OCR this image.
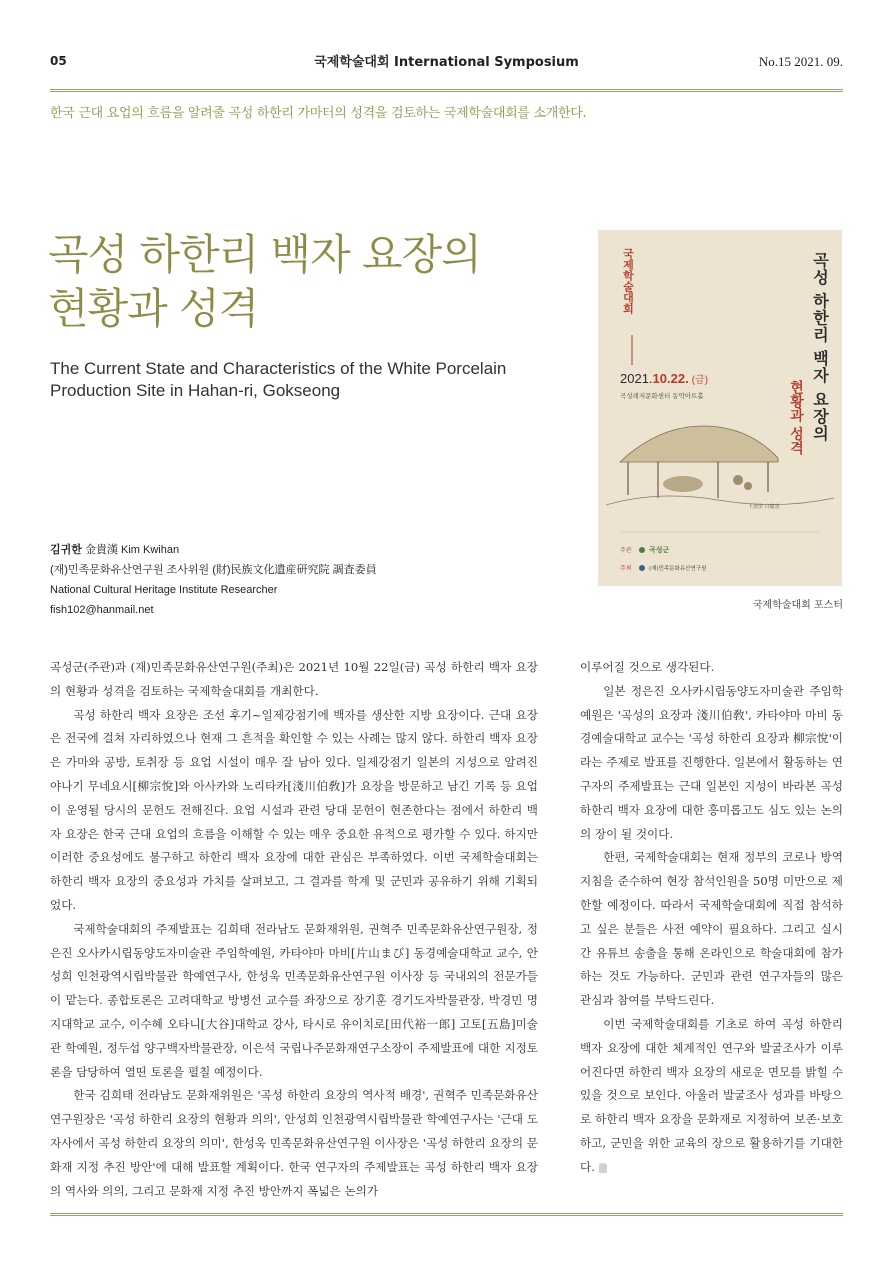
05	국제학술대회 International Symposium	No.15 2021. 09.
한국 근대 요업의 흐름을 알려줄 곡성 하한리 가마터의 성격을 검토하는 국제학술대회를 소개한다.
곡성 하한리 백자 요장의
현황과 성격
The Current State and Characteristics of the White Porcelain Production Site in Hahan-ri, Gokseong
김귀한 金貴漢 Kim Kwihan
(재)민족문화유산연구원 조사위원 (財)民族文化遺産研究院 調査委員
National Cultural Heritage Institute Researcher
fish102@hanmail.net
국제학술대회	곡성 하한리 백자 요장의
현황과 성격
2021.10.22. (금)
곡성레저문화센터 동악아트홀
下漢里 白磁窯
주관 곡성군
주최	(재)민족문화유산연구원
국제학술대회 포스터

곡성군(주관)과 (재)민족문화유산연구원(주최)은 2021년 10월 22일(금) 곡성 하한리 백자 요장의 현황과 성격을 검토하는 국제학술대회를 개최한다.

곡성 하한리 백자 요장은 조선 후기~일제강점기에 백자를 생산한 지방 요장이다. 근대 요장은 전국에 걸쳐 자리하였으나 현재 그 흔적을 확인할 수 있는 사례는 많지 않다. 하한리 백자 요장은 가마와 공방, 토취장 등 요업 시설이 매우 잘 남아 있다. 일제강점기 일본의 지성으로 알려진 야나기 무네요시[柳宗悅]와 아사카와 노리타카[淺川伯敎]가 요장을 방문하고 남긴 기록 등 요업이 운영될 당시의 문헌도 전해진다. 요업 시설과 관련 당대 문헌이 현존한다는 점에서 하한리 백자 요장은 한국 근대 요업의 흐름을 이해할 수 있는 매우 중요한 유적으로 평가할 수 있다. 하지만 이러한 중요성에도 불구하고 하한리 백자 요장에 대한 관심은 부족하였다. 이번 국제학술대회는 하한리 백자 요장의 중요성과 가치를 살펴보고, 그 결과를 학계 및 군민과 공유하기 위해 기획되었다.

국제학술대회의 주제발표는 김희태 전라남도 문화재위원, 권혁주 민족문화유산연구원장, 정은진 오사카시립동양도자미술관 주임학예원, 카타야마 마비[片山まび] 동경예술대학교 교수, 안성희 인천광역시립박물관 학예연구사, 한성욱 민족문화유산연구원 이사장 등 국내외의 전문가들이 맡는다. 종합토론은 고려대학교 방병선 교수를 좌장으로 장기훈 경기도자박물관장, 박경민 명지대학교 교수, 이수혜 오타니[大谷]대학교 강사, 타시로 유이치로[田代裕一郎] 고토[五島]미술관 학예원, 정두섭 양구백자박물관장, 이은석 국립나주문화재연구소장이 주제발표에 대한 지정토론을 담당하여 열띤 토론을 펼칠 예정이다.

한국 김희태 전라남도 문화재위원은 '곡성 하한리 요장의 역사적 배경', 권혁주 민족문화유산연구원장은 '곡성 하한리 요장의 현황과 의의', 안성희 인천광역시립박물관 학예연구사는 '근대 도자사에서 곡성 하한리 요장의 의미', 한성욱 민족문화유산연구원 이사장은 '곡성 하한리 요장의 문화재 지정 추진 방안'에 대해 발표할 계획이다. 한국 연구자의 주제발표는 곡성 하한리 백자 요장의 역사와 의의, 그리고 문화재 지정 추진 방안까지 폭넓은 논의가

이루어질 것으로 생각된다.

일본 정은진 오사카시립동양도자미술관 주임학예원은 '곡성의 요장과 淺川伯敎', 카타야마 마비 동경예술대학교 교수는 '곡성 하한리 요장과 柳宗悅'이라는 주제로 발표를 진행한다. 일본에서 활동하는 연구자의 주제발표는 근대 일본인 지성이 바라본 곡성 하한리 백자 요장에 대한 흥미롭고도 심도 있는 논의의 장이 될 것이다.

한편, 국제학술대회는 현재 정부의 코로나 방역지침을 준수하여 현장 참석인원을 50명 미만으로 제한할 예정이다. 따라서 국제학술대회에 직접 참석하고 싶은 분들은 사전 예약이 필요하다. 그리고 실시간 유튜브 송출을 통해 온라인으로 학술대회에 참가하는 것도 가능하다. 군민과 관련 연구자들의 많은 관심과 참여를 부탁드린다.

이번 국제학술대회를 기초로 하여 곡성 하한리 백자 요장에 대한 체계적인 연구와 발굴조사가 이루어진다면 하한리 백자 요장의 새로운 면모를 밝힐 수 있을 것으로 보인다. 아울러 발굴조사 성과를 바탕으로 하한리 백자 요장을 문화재로 지정하여 보존·보호하고, 군민을 위한 교육의 장으로 활용하기를 기대한다.
